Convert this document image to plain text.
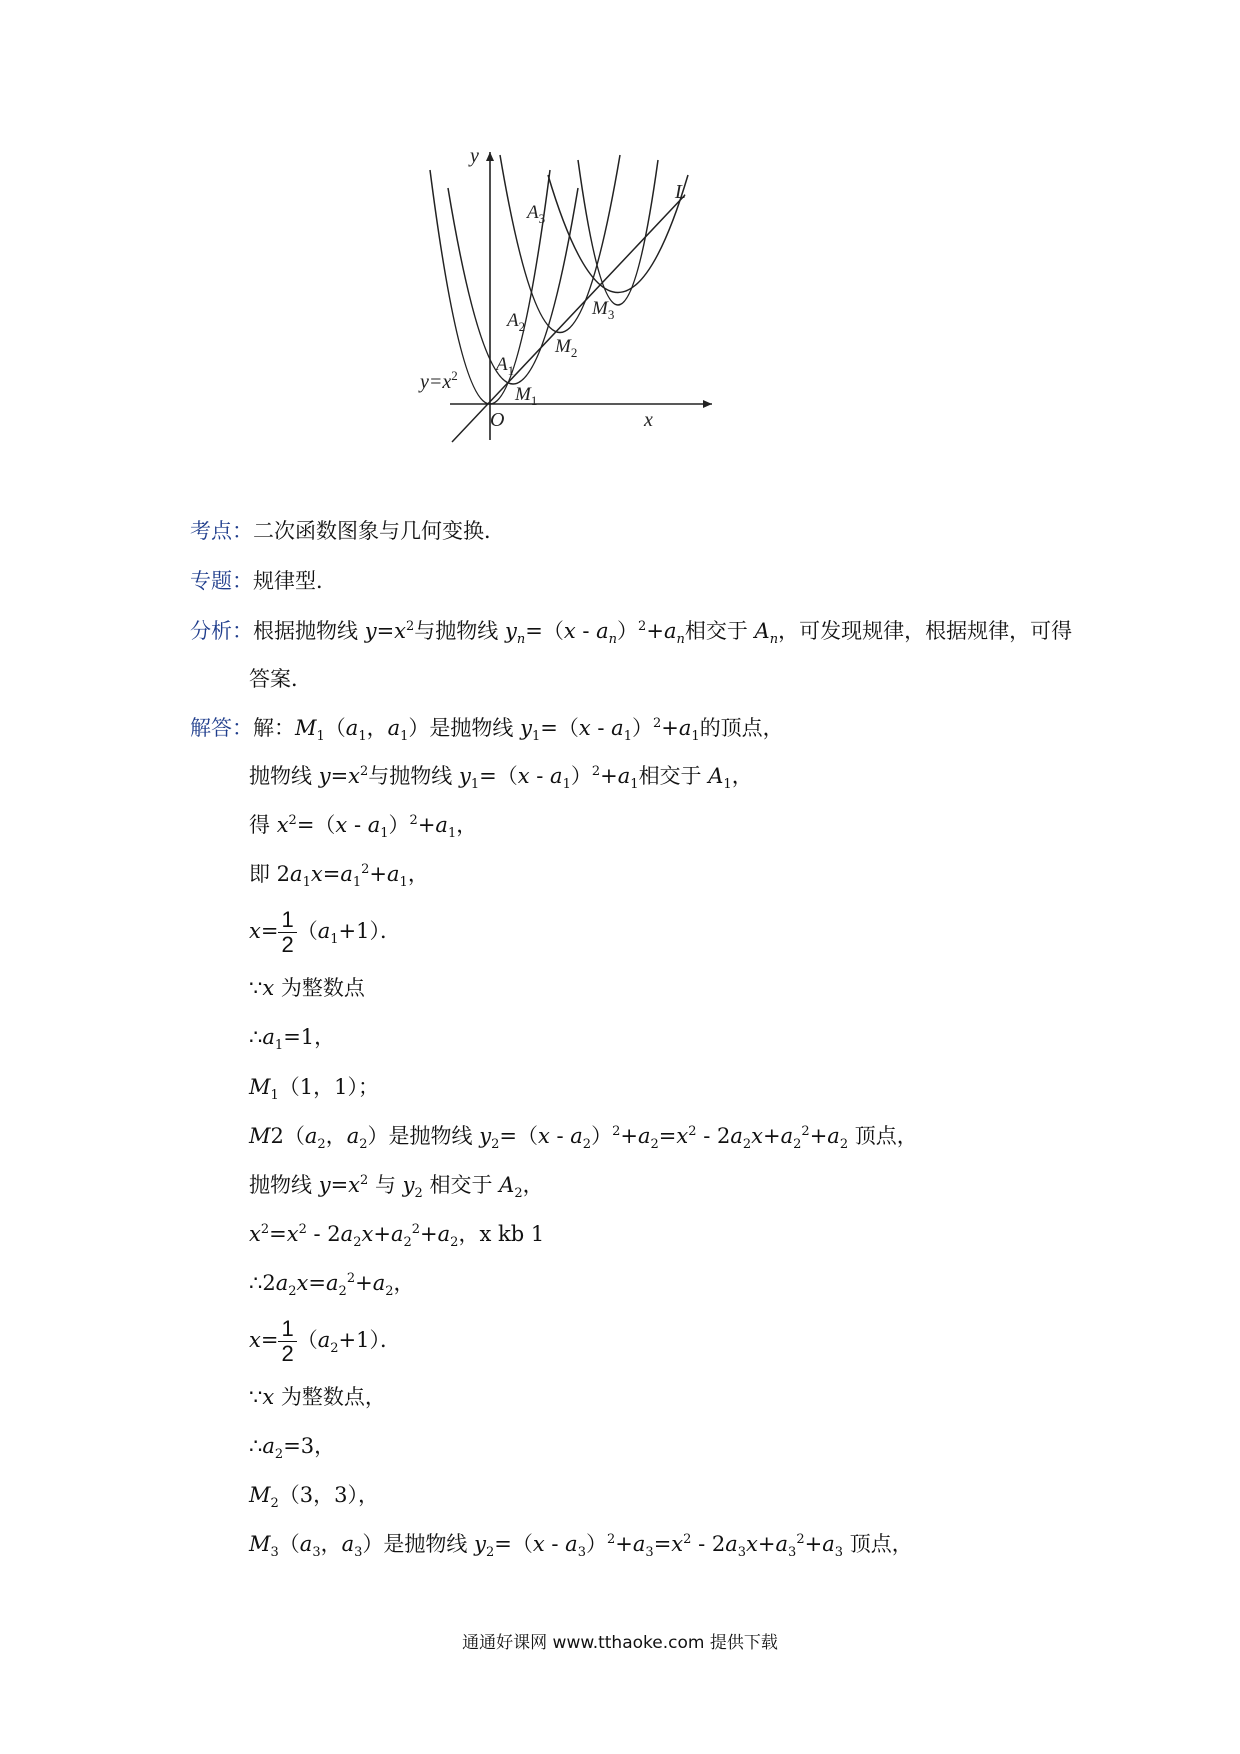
y
x
O
L
$y=x^2$
$A_1$
$A_2$
$A_3$
$M_1$
$M_2$
$M_3$
考点：二次函数图象与几何变换．
专题：规律型．
分析：根据抛物线 $y=x^2$与抛物线 $y_n=(x - a_n)^2+a_n$相交于 $A_n$，可发现规律，根据规律，可得
答案．
解答：解：$M_1(a_1$，$a_1$）是抛物线 $y_1=(x - a_1)^2+a_1$的顶点，
抛物线 $y=x^2$与抛物线 $y_1=(x - a_1)^2+a_1$相交于 $A_1$，
得 $x^2=(x - a_1)^2+a_1$，
即 $2a_1x=a_1^2+a_1$，
$x= \frac{1}{2} (a_1+1)$．
∵x 为整数点
$\therefore a_1=1$，
$M_1(1$，1）；
$M2(a_2$，$a_2$）是抛物线 $y_2=(x - a_2)^2+a_2=x^2 - 2a_2x+a_2^2+a_2$ 顶点，
抛物线 $y=x^2$ 与 $y_2$ 相交于 $A_2$，
$x^2=x^2 - 2a_2x+a_2^2+a_2$，x kb 1
$\therefore 2a_2x=a_2^2+a_2$，
$x= \frac{1}{2} (a_2+1)$．
∵x 为整数点，
$\therefore a_2=3$，
$M_2(3$，3），
$M_3(a_3$，$a_3$）是抛物线 $y_2=(x - a_3)^2+a_3=x^2 - 2a_3x+a_3^2+a_3$ 顶点，
通通好课网 www.tthaoke.com 提供下载
